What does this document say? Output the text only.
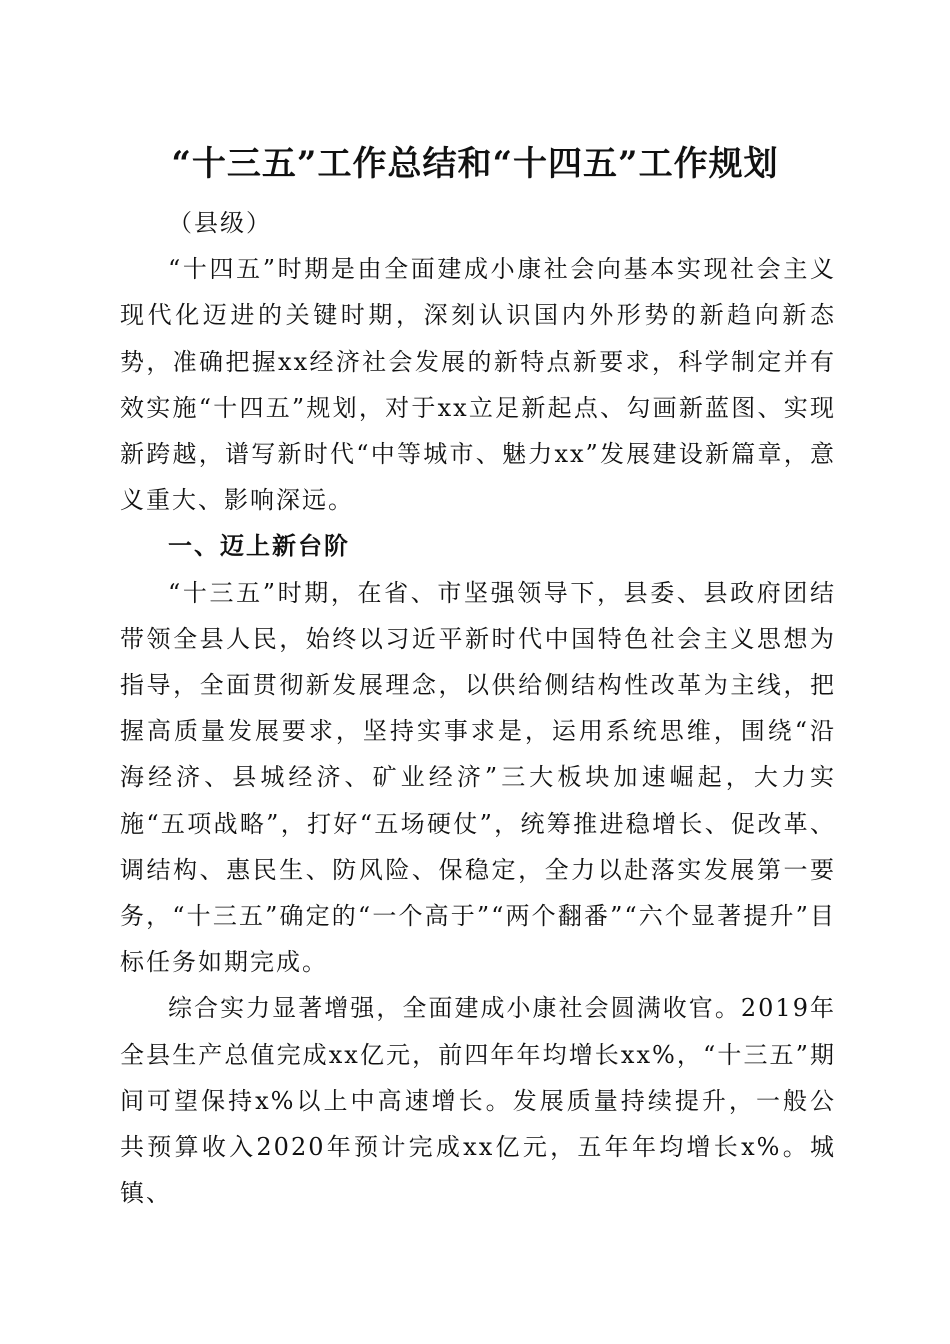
“十三五”工作总结和“十四五”工作规划

（县级）

“十四五”时期是由全面建成小康社会向基本实现社会主义现代化迈进的关键时期，深刻认识国内外形势的新趋向新态势，准确把握xx经济社会发展的新特点新要求，科学制定并有效实施“十四五”规划，对于xx立足新起点、勾画新蓝图、实现新跨越，谱写新时代“中等城市、魅力xx”发展建设新篇章，意义重大、影响深远。

一、迈上新台阶

“十三五”时期，在省、市坚强领导下，县委、县政府团结带领全县人民，始终以习近平新时代中国特色社会主义思想为指导，全面贯彻新发展理念，以供给侧结构性改革为主线，把握高质量发展要求，坚持实事求是，运用系统思维，围绕“沿海经济、县城经济、矿业经济”三大板块加速崛起，大力实施“五项战略”，打好“五场硬仗”，统筹推进稳增长、促改革、调结构、惠民生、防风险、保稳定，全力以赴落实发展第一要务，“十三五”确定的“一个高于”“两个翻番”“六个显著提升”目标任务如期完成。

综合实力显著增强，全面建成小康社会圆满收官。2019年全县生产总值完成xx亿元，前四年年均增长xx%，“十三五”期间可望保持x%以上中高速增长。发展质量持续提升，一般公共预算收入2020年预计完成xx亿元，五年年均增长x%。城镇、
